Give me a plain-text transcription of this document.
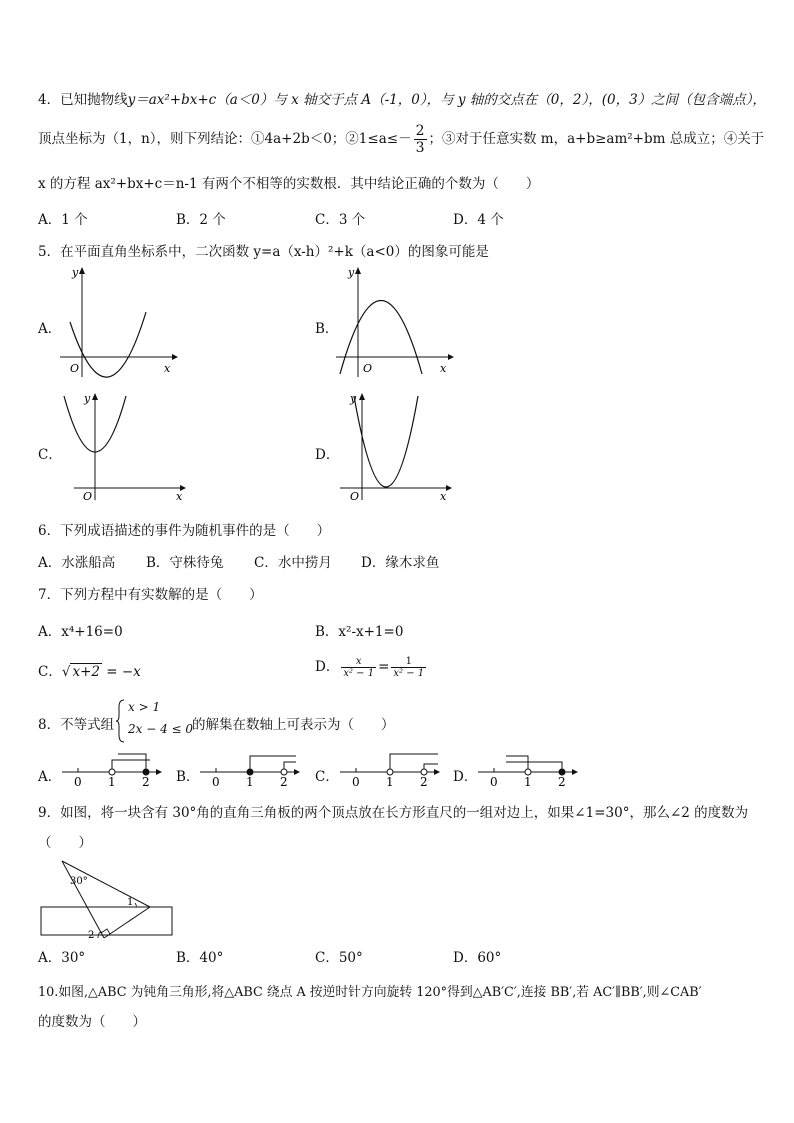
4．已知抛物线y＝ax²+bx+c（a＜0）与 x 轴交于点 A（-1，0），与 y 轴的交点在（0，2），(0，3）之间（包含端点），
顶点坐标为（1，n），则下列结论：①4a+2b＜0；②1≤a≤－ $\frac{2}{3}$ ；③对于任意实数 m，a+b≥am²+bm 总成立；④关于
x 的方程 ax²+bx+c＝n-1 有两个不相等的实数根．其中结论正确的个数为（　　）
A．1 个	B．2 个	C．3 个	D．4 个
5．在平面直角坐标系中，二次函数 y=a（x-h）²+k（a<0）的图象可能是
A．	B．
C．	D．
y
x
O
y
x
O
y
x
O
y
x
O
6．下列成语描述的事件为随机事件的是（　　）
A．水涨船高 B．守株待兔 C．水中捞月 D．缘木求鱼
7．下列方程中有实数解的是（　　）
A．x⁴+16=0	B．x²-x+1=0
C．√ x+2 = −x	D． $\frac{x}{\text{x² − 1}} = \frac{1}{\text{x² − 1}}$
8．不等式组
x > 1
2x − 4 ≤ 0
的解集在数轴上可表示为（　　）
A．	B．	C．	D．
0 1 2	0 1 2	0 1 2	0 1 2
9．如图，将一块含有 30°角的直角三角板的两个顶点放在长方形直尺的一组对边上，如果∠1=30°，那么∠2 的度数为
（　　）
30°
1
2
A．30°	B．40°	C．50°	D．60°
10.如图,△ABC 为钝角三角形,将△ABC 绕点 A 按逆时针方向旋转 120°得到△AB′C′,连接 BB′,若 AC′∥BB′,则∠CAB′
的度数为（　　）
